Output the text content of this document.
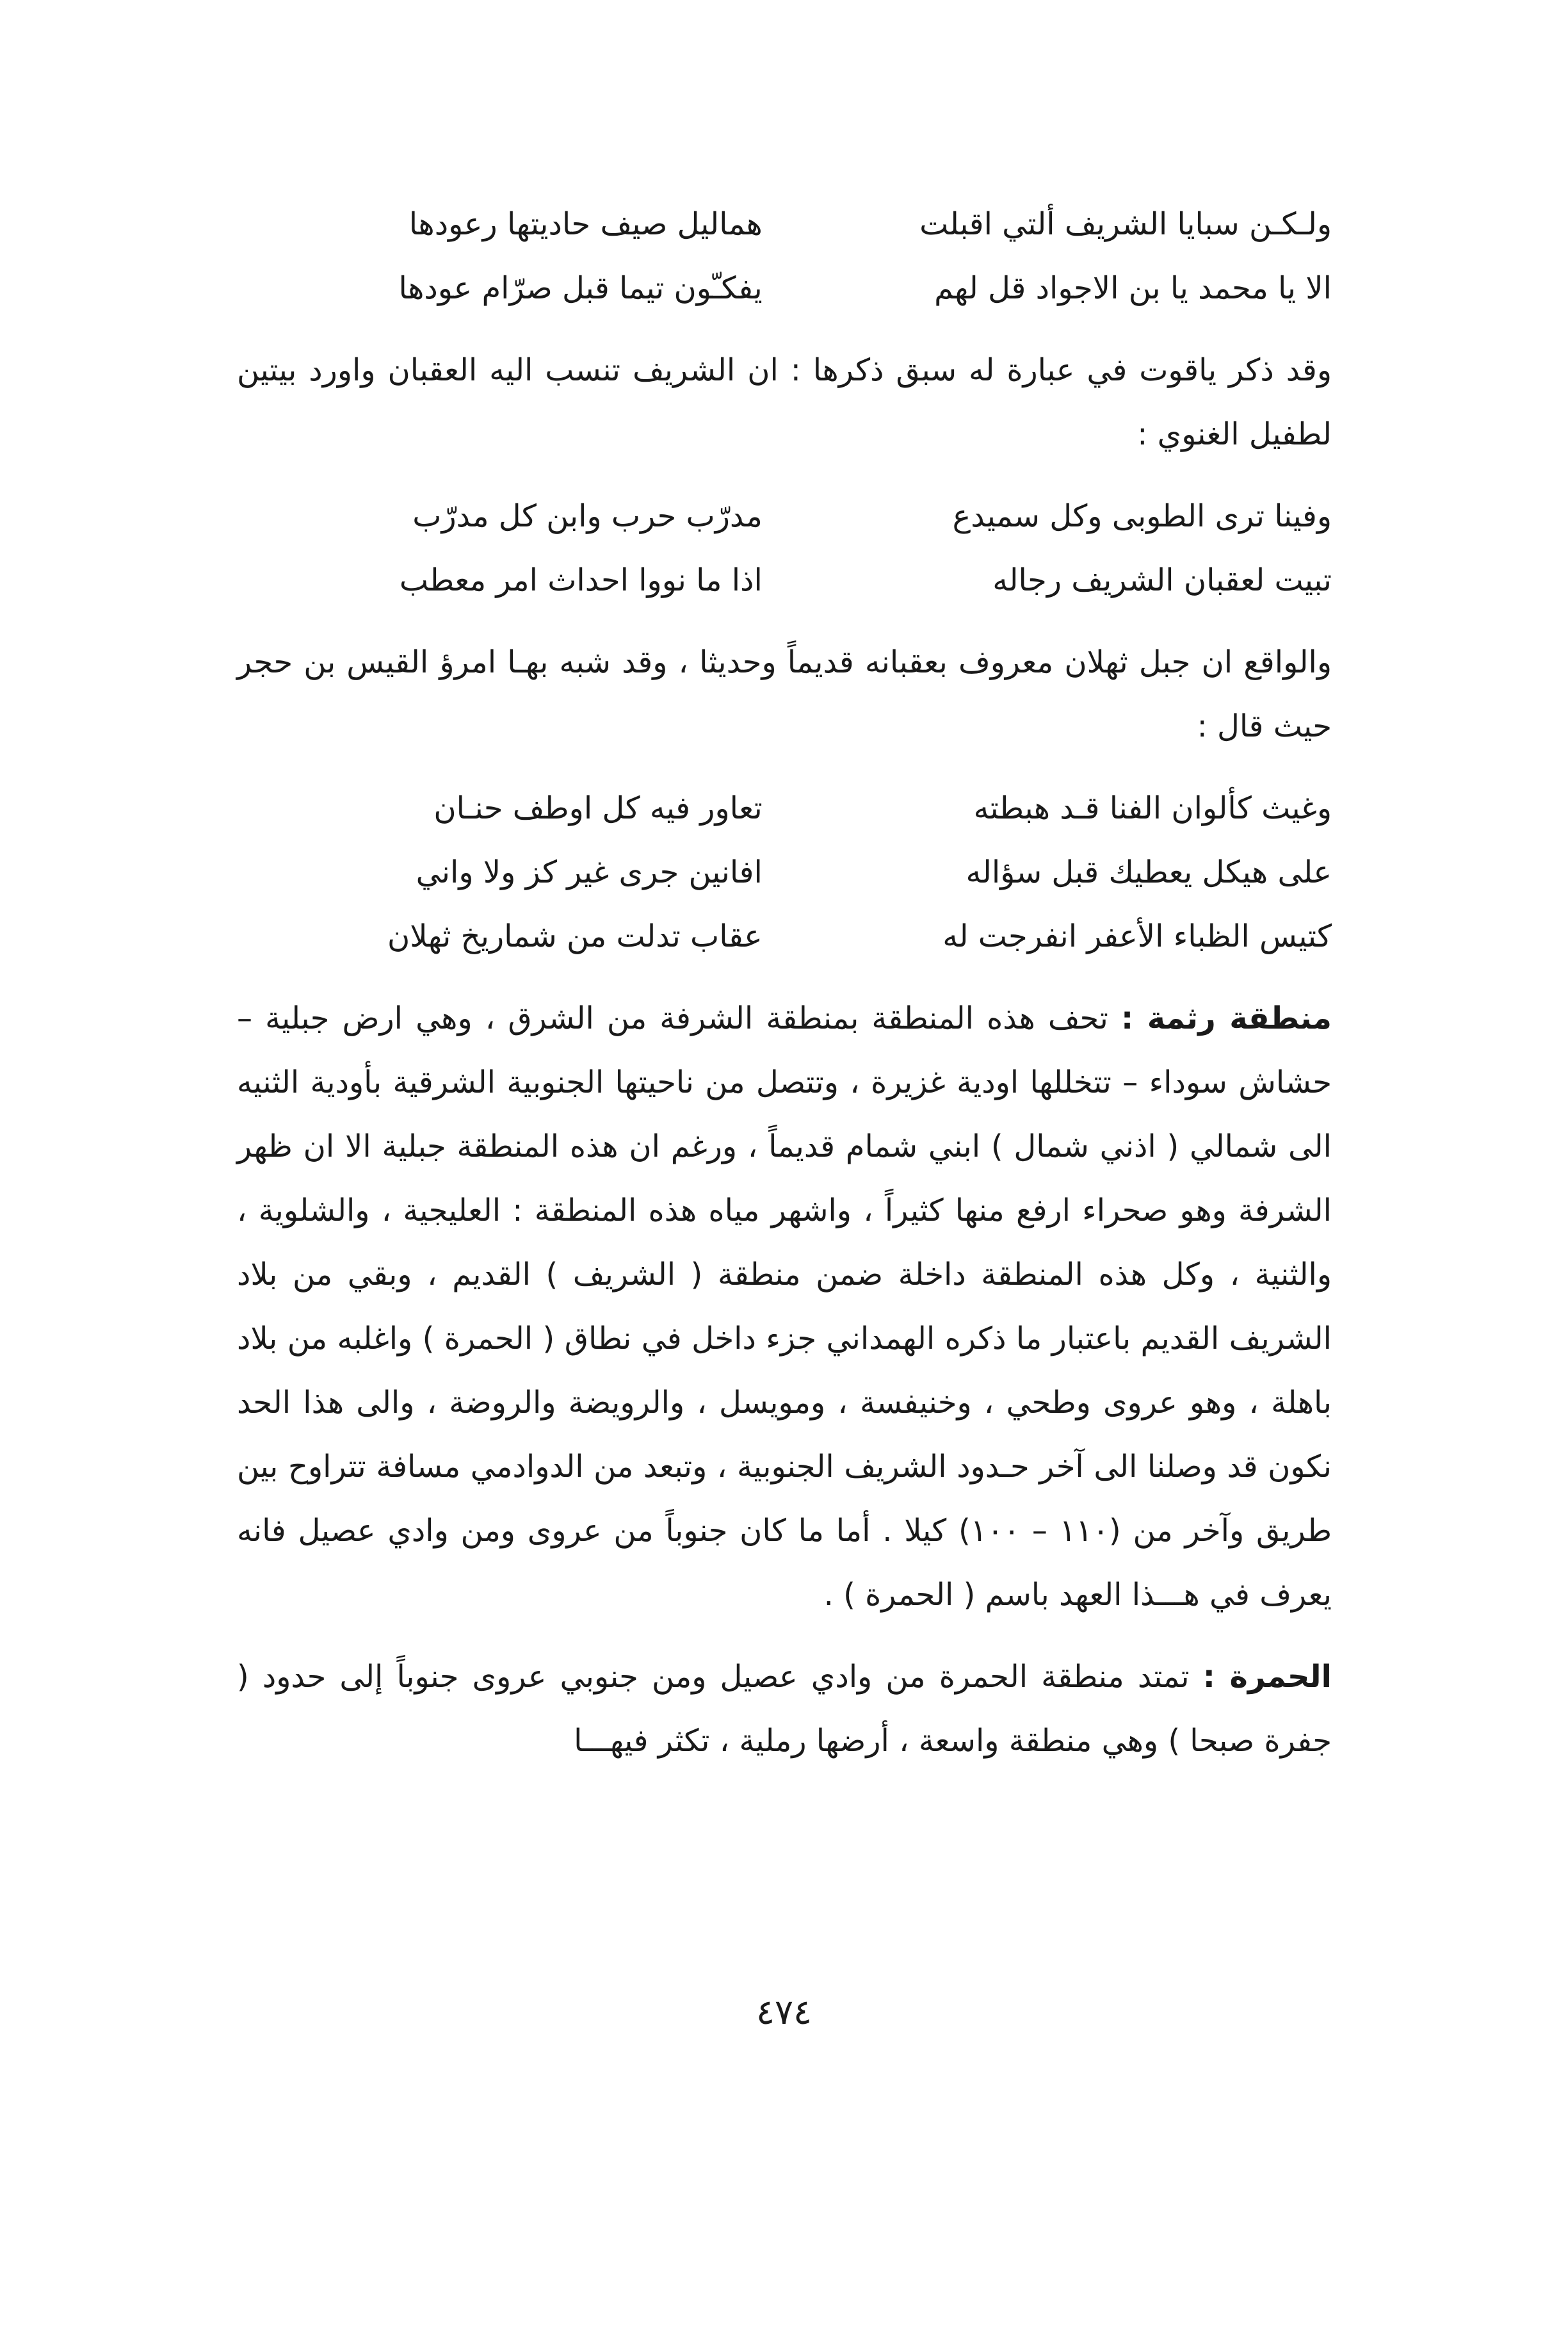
ولـكـن سبايا الشريف ألتي اقبلت
هماليل صيف حاديتها رعودها
الا يا محمد يا بن الاجواد قل لهم
يفكـّون تيما قبل صرّام عودها

وقد ذكر ياقوت في عبارة له سبق ذكرها : ان الشريف تنسب اليه العقبان واورد بيتين لطفيل الغنوي :

وفينا ترى الطوبى وكل سميدع
مدرّب حرب وابن كل مدرّب
تبيت لعقبان الشريف رجاله
اذا ما نووا احداث امر معطب

والواقع ان جبل ثهلان معروف بعقبانه قديماً وحديثا ، وقد شبه بهـا امرؤ القيس بن حجر حيث قال :

وغيث كألوان الفنا قـد هبطته
تعاور فيه كل اوطف حنـان
على هيكل يعطيك قبل سؤاله
افانين جرى غير كز ولا واني
كتيس الظباء الأعفر انفرجت له
عقاب تدلت من شماريخ ثهلان

منطقة رثمة : تحف هذه المنطقة بمنطقة الشرفة من الشرق ، وهي ارض جبلية – حشاش سوداء – تتخللها اودية غزيرة ، وتتصل من ناحيتها الجنوبية الشرقية بأودية الثنيه الى شمالي ( اذني شمال ) ابني شمام قديماً ، ورغم ان هذه المنطقة جبلية الا ان ظهر الشرفة وهو صحراء ارفع منها كثيراً ، واشهر مياه هذه المنطقة : العليجية ، والشلوية ، والثنية ، وكل هذه المنطقة داخلة ضمن منطقة ( الشريف ) القديم ، وبقي من بلاد الشريف القديم باعتبار ما ذكره الهمداني جزء داخل في نطاق ( الحمرة ) واغلبه من بلاد باهلة ، وهو عروى وطحي ، وخنيفسة ، ومويسل ، والرويضة والروضة ، والى هذا الحد نكون قد وصلنا الى آخر حـدود الشريف الجنوبية ، وتبعد من الدوادمي مسافة تتراوح بين طريق وآخر من (١١٠ – ١٠٠) كيلا . أما ما كان جنوباً من عروى ومن وادي عصيل فانه يعرف في هـــذا العهد باسم ( الحمرة ) .

الحمرة : تمتد منطقة الحمرة من وادي عصيل ومن جنوبي عروى جنوباً إلى حدود ( جفرة صبحا ) وهي منطقة واسعة ، أرضها رملية ، تكثر فيهـــا

٤٧٤
